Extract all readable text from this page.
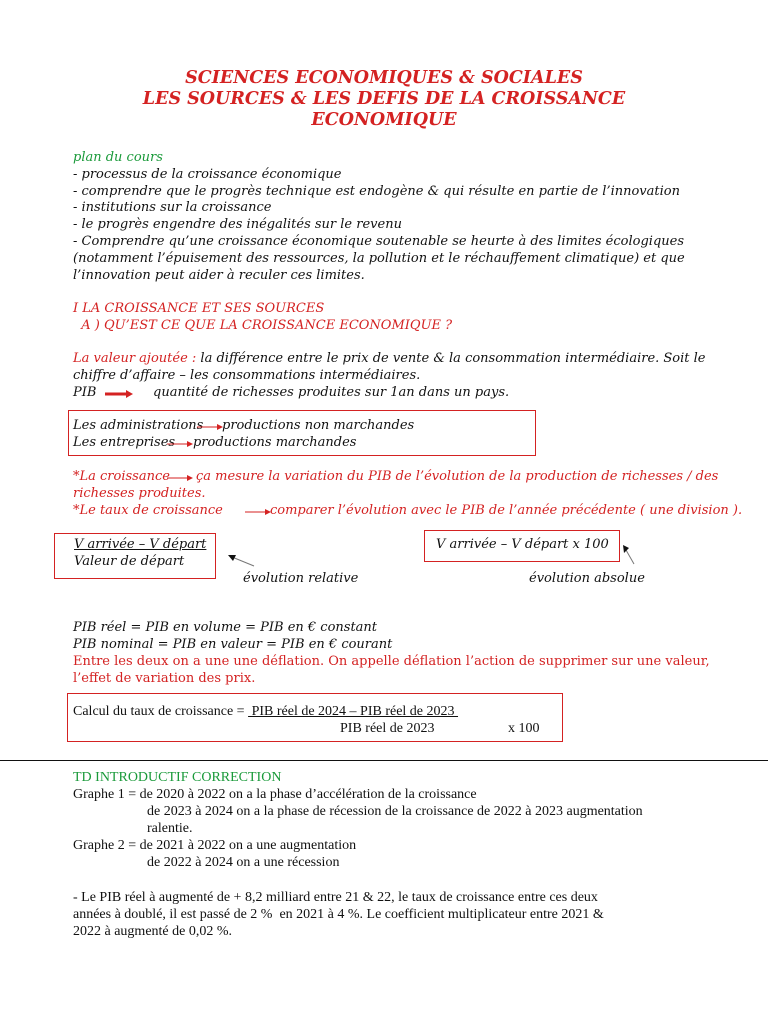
SCIENCES ECONOMIQUES & SOCIALES
LES SOURCES & LES DEFIS DE LA CROISSANCE
ECONOMIQUE
plan du cours
- processus de la croissance économique
- comprendre que le progrès technique est endogène & qui résulte en partie de l’innovation
- institutions sur la croissance
- le progrès engendre des inégalités sur le revenu
- Comprendre qu’une croissance économique soutenable se heurte à des limites écologiques
(notamment l’épuisement des ressources, la pollution et le réchauffement climatique) et que
l’innovation peut aider à reculer ces limites.
I LA CROISSANCE ET SES SOURCES
A ) QU’EST CE QUE LA CROISSANCE ECONOMIQUE ?
La valeur ajoutée : la différence entre le prix de vente & la consommation intermédiaire. Soit le
chiffre d’affaire – les consommations intermédiaires.
PIB	quantité de richesses produites sur 1an dans un pays.
Les administrations productions non marchandes
Les entreprises productions marchandes
*La croissance ça mesure la variation du PIB de l’évolution de la production de richesses / des
richesses produites.
*Le taux de croissance	comparer l’évolution avec le PIB de l’année précédente ( une division ).
V arrivée – V départ
Valeur de départ
V arrivée – V départ x 100
évolution relative	évolution absolue
PIB réel = PIB en volume = PIB en € constant
PIB nominal = PIB en valeur = PIB en € courant
Entre les deux on a une une déflation. On appelle déflation l’action de supprimer sur une valeur,
l’effet de variation des prix.
Calcul du taux de croissance =  PIB réel de 2024 – PIB réel de 2023
PIB réel de 2023	x 100
TD INTRODUCTIF CORRECTION
Graphe 1 = de 2020 à 2022 on a la phase d’accélération de la croissance
de 2023 à 2024 on a la phase de récession de la croissance de 2022 à 2023 augmentation
ralentie.
Graphe 2 = de 2021 à 2022 on a une augmentation
de 2022 à 2024 on a une récession
- Le PIB réel à augmenté de + 8,2 milliard entre 21 & 22, le taux de croissance entre ces deux
années à doublé, il est passé de 2 %  en 2021 à 4 %. Le coefficient multiplicateur entre 2021 &
2022 à augmenté de 0,02 %.
